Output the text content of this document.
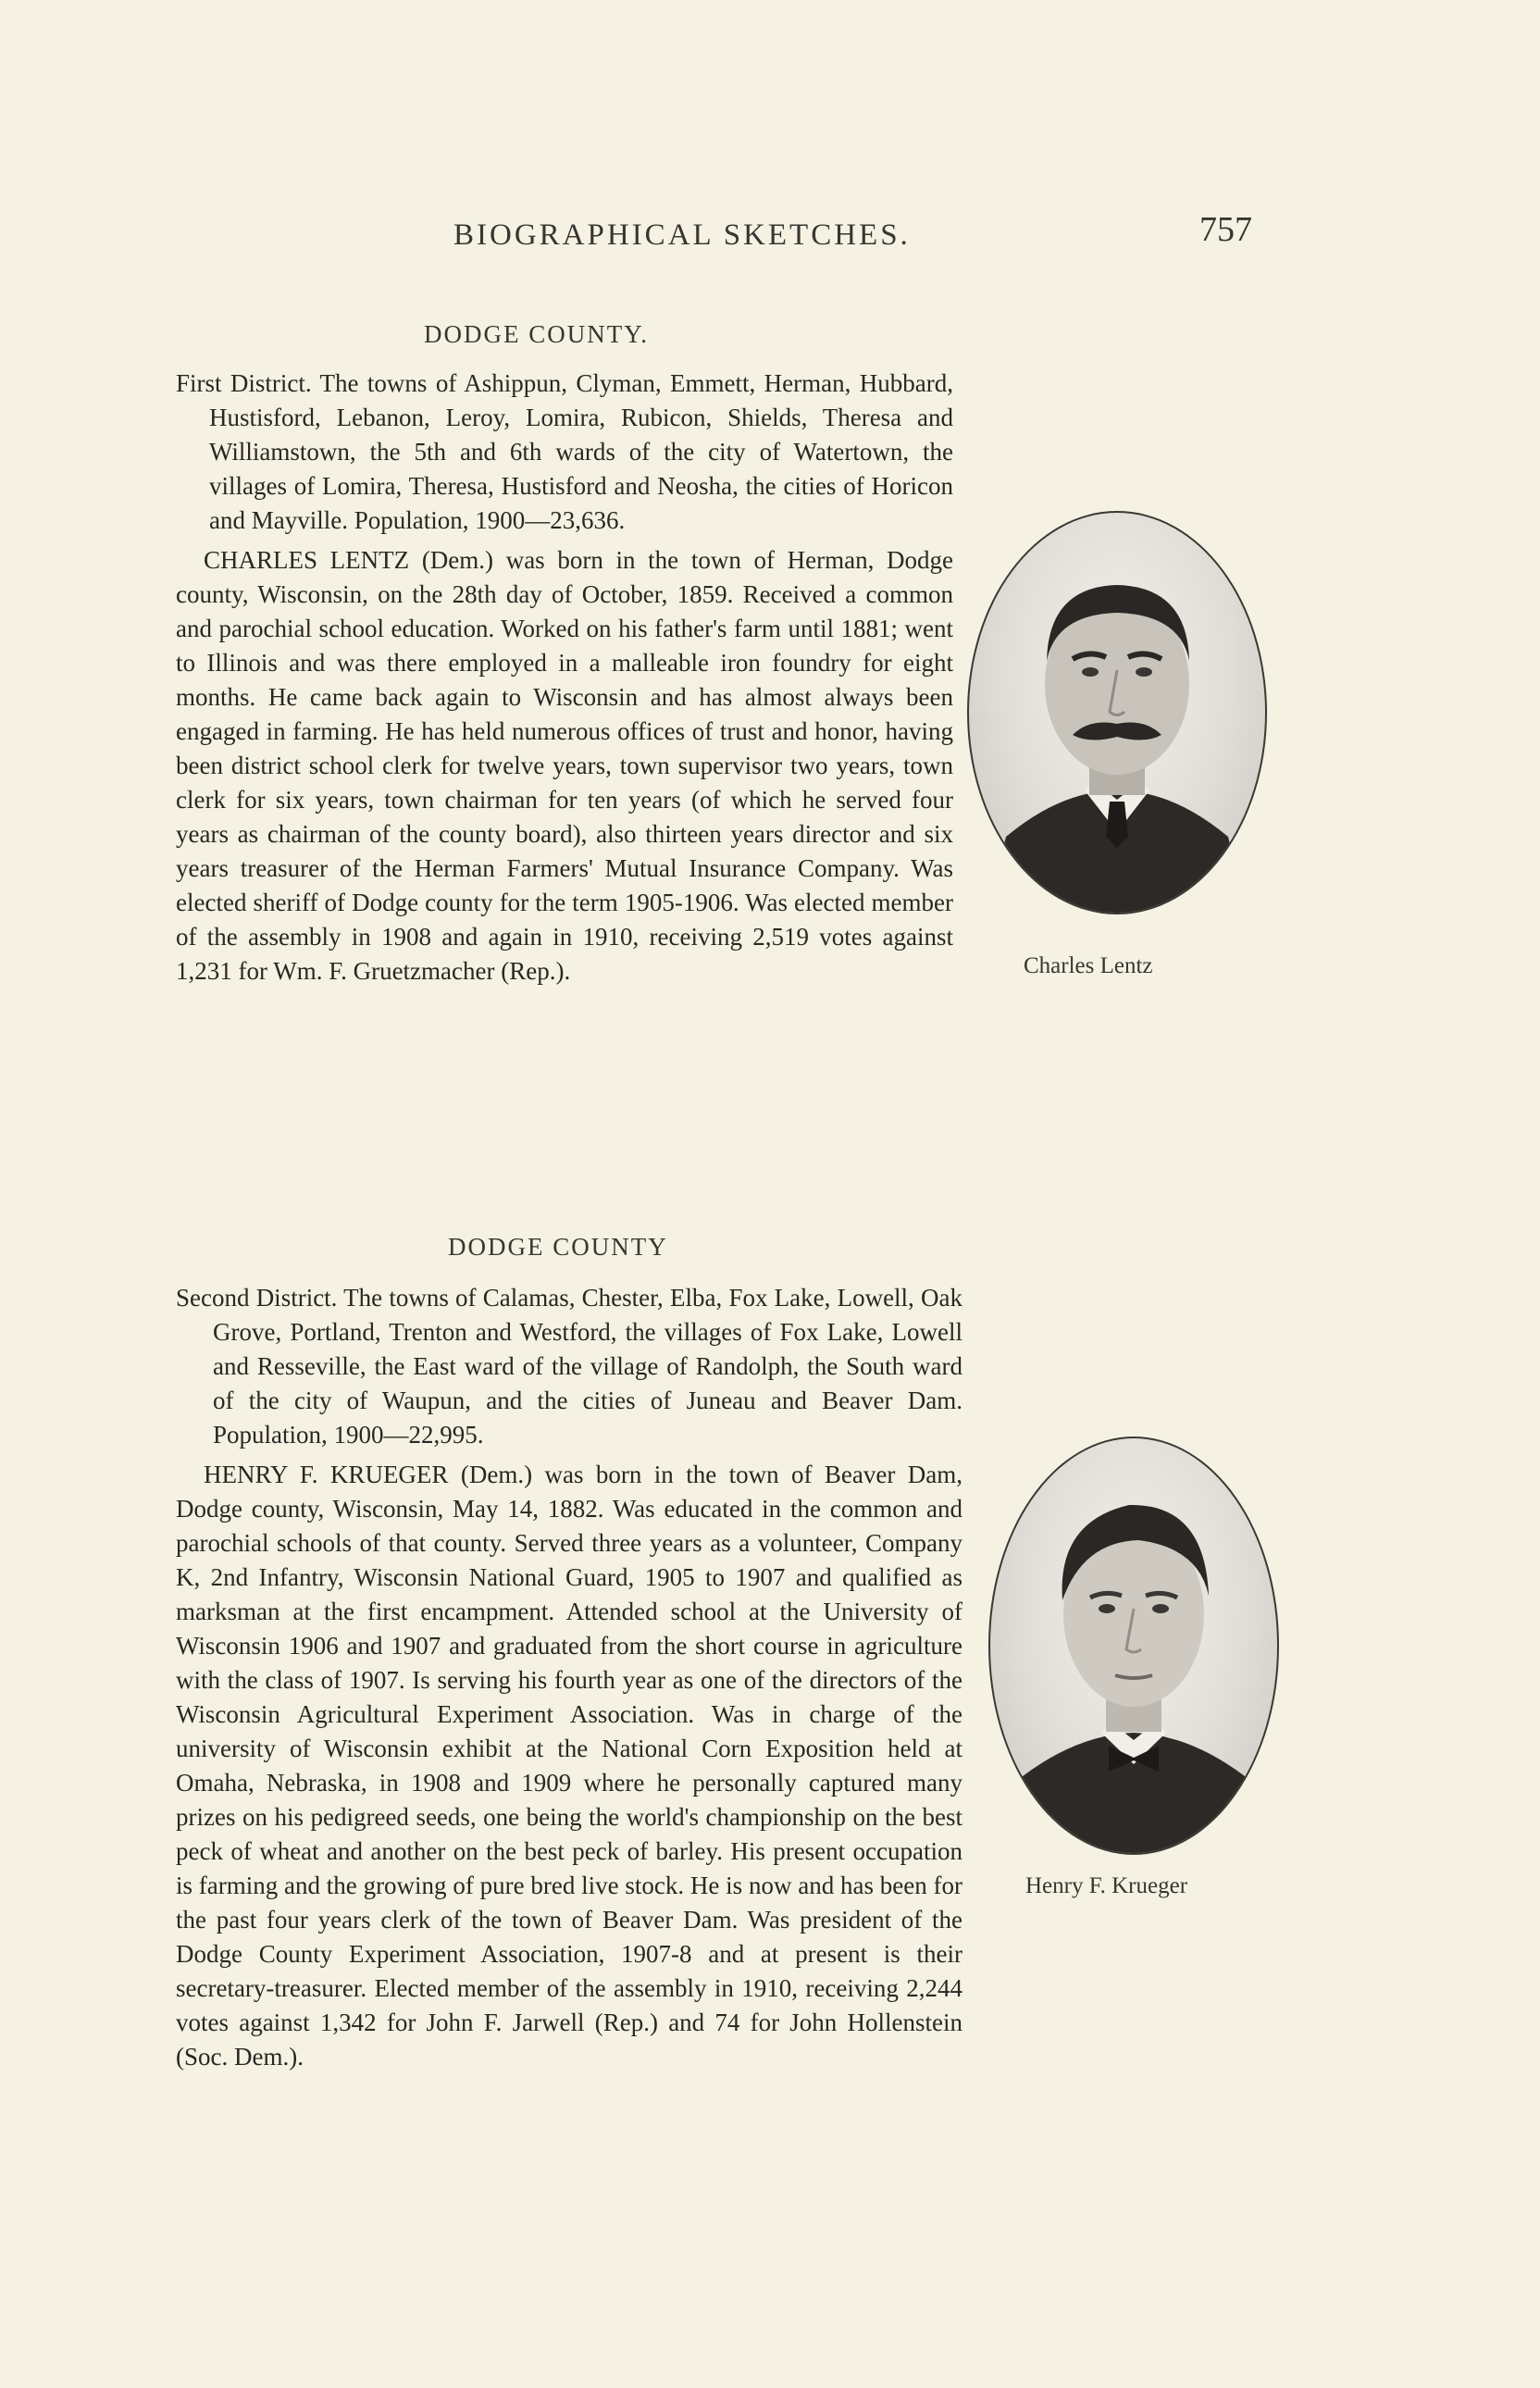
BIOGRAPHICAL SKETCHES.	757
DODGE COUNTY.

First District. The towns of Ashippun, Clyman, Emmett, Herman, Hubbard, Hustisford, Lebanon, Leroy, Lomira, Rubicon, Shields, Theresa and Williamstown, the 5th and 6th wards of the city of Watertown, the villages of Lomira, Theresa, Hustisford and Neosha, the cities of Horicon and Mayville. Population, 1900—23,636.

CHARLES LENTZ (Dem.) was born in the town of Herman, Dodge county, Wisconsin, on the 28th day of October, 1859. Received a common and parochial school education. Worked on his father's farm until 1881; went to Illinois and was there employed in a malleable iron foundry for eight months. He came back again to Wisconsin and has almost always been engaged in farming. He has held numerous offices of trust and honor, having been district school clerk for twelve years, town supervisor two years, town clerk for six years, town chairman for ten years (of which he served four years as chairman of the county board), also thirteen years director and six years treasurer of the Herman Farmers' Mutual Insurance Company. Was elected sheriff of Dodge county for the term 1905-1906. Was elected member of the assembly in 1908 and again in 1910, receiving 2,519 votes against 1,231 for Wm. F. Gruetzmacher (Rep.).	Charles Lentz
DODGE COUNTY

Second District. The towns of Calamas, Chester, Elba, Fox Lake, Lowell, Oak Grove, Portland, Trenton and Westford, the villages of Fox Lake, Lowell and Resseville, the East ward of the village of Randolph, the South ward of the city of Waupun, and the cities of Juneau and Beaver Dam. Population, 1900—22,995.

HENRY F. KRUEGER (Dem.) was born in the town of Beaver Dam, Dodge county, Wisconsin, May 14, 1882. Was educated in the common and parochial schools of that county. Served three years as a volunteer, Company K, 2nd Infantry, Wisconsin National Guard, 1905 to 1907 and qualified as marksman at the first encampment. Attended school at the University of Wisconsin 1906 and 1907 and graduated from the short course in agriculture with the class of 1907. Is serving his fourth year as one of the directors of the Wisconsin Agricultural Experiment Association. Was in charge of the university of Wisconsin exhibit at the National Corn Exposition held at Omaha, Nebraska, in 1908 and 1909 where he personally captured many prizes on his pedigreed seeds, one being the world's championship on the best peck of wheat and another on the best peck of barley. His present occupation is farming and the growing of pure bred live stock. He is now and has been for the past four years clerk of the town of Beaver Dam. Was president of the Dodge County Experiment Association, 1907-8 and at present is their secretary-treasurer. Elected member of the assembly in 1910, receiving 2,244 votes against 1,342 for John F. Jarwell (Rep.) and 74 for John Hollenstein (Soc. Dem.).

Henry F. Krueger
